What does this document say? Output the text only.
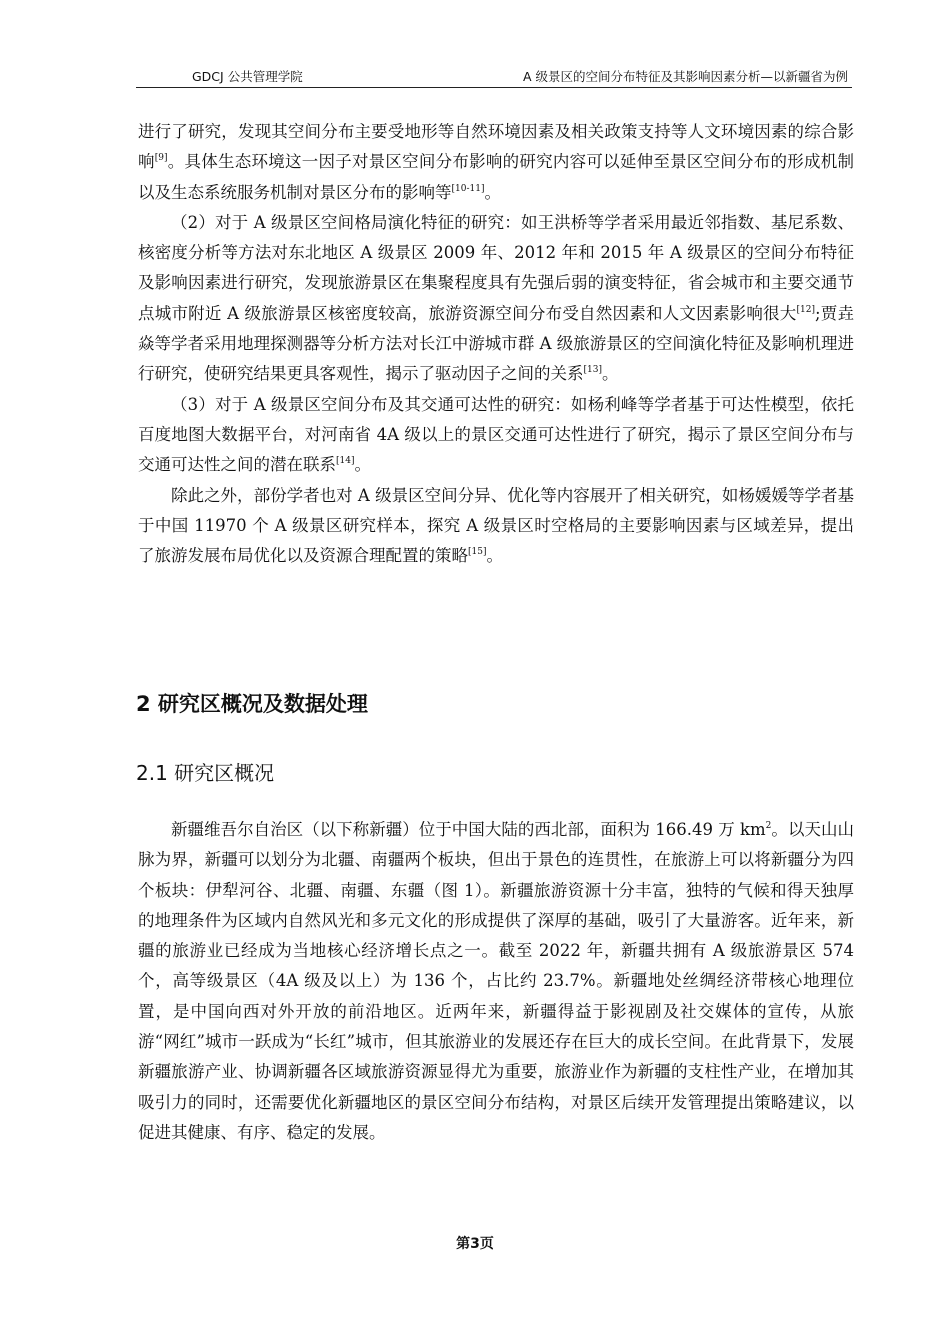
GDCJ 公共管理学院	A 级景区的空间分布特征及其影响因素分析—以新疆省为例

进行了研究，发现其空间分布主要受地形等自然环境因素及相关政策支持等人文环境因素的综合影响[9]。具体生态环境这一因子对景区空间分布影响的研究内容可以延伸至景区空间分布的形成机制以及生态系统服务机制对景区分布的影响等[10-11]。

（2）对于 A 级景区空间格局演化特征的研究：如王洪桥等学者采用最近邻指数、基尼系数、核密度分析等方法对东北地区 A 级景区 2009 年、2012 年和 2015 年 A 级景区的空间分布特征及影响因素进行研究，发现旅游景区在集聚程度具有先强后弱的演变特征，省会城市和主要交通节点城市附近 A 级旅游景区核密度较高，旅游资源空间分布受自然因素和人文因素影响很大[12];贾垚焱等学者采用地理探测器等分析方法对长江中游城市群 A 级旅游景区的空间演化特征及影响机理进行研究，使研究结果更具客观性，揭示了驱动因子之间的关系[13]。

（3）对于 A 级景区空间分布及其交通可达性的研究：如杨利峰等学者基于可达性模型，依托百度地图大数据平台，对河南省 4A 级以上的景区交通可达性进行了研究，揭示了景区空间分布与交通可达性之间的潜在联系[14]。

除此之外，部份学者也对 A 级景区空间分异、优化等内容展开了相关研究，如杨媛媛等学者基于中国 11970 个 A 级景区研究样本，探究 A 级景区时空格局的主要影响因素与区域差异，提出了旅游发展布局优化以及资源合理配置的策略[15]。

2 研究区概况及数据处理
2.1 研究区概况

新疆维吾尔自治区（以下称新疆）位于中国大陆的西北部，面积为 166.49 万 $km^2$。以天山山脉为界，新疆可以划分为北疆、南疆两个板块，但出于景色的连贯性，在旅游上可以将新疆分为四个板块：伊犁河谷、北疆、南疆、东疆（图 1）。新疆旅游资源十分丰富，独特的气候和得天独厚的地理条件为区域内自然风光和多元文化的形成提供了深厚的基础，吸引了大量游客。近年来，新疆的旅游业已经成为当地核心经济增长点之一。截至 2022 年，新疆共拥有 A 级旅游景区 574 个，高等级景区（4A 级及以上）为 136 个，占比约 23.7%。新疆地处丝绸经济带核心地理位置，是中国向西对外开放的前沿地区。近两年来，新疆得益于影视剧及社交媒体的宣传，从旅游“网红”城市一跃成为“长红”城市，但其旅游业的发展还存在巨大的成长空间。在此背景下，发展新疆旅游产业、协调新疆各区域旅游资源显得尤为重要，旅游业作为新疆的支柱性产业，在增加其吸引力的同时，还需要优化新疆地区的景区空间分布结构，对景区后续开发管理提出策略建议，以促进其健康、有序、稳定的发展。

第3页
